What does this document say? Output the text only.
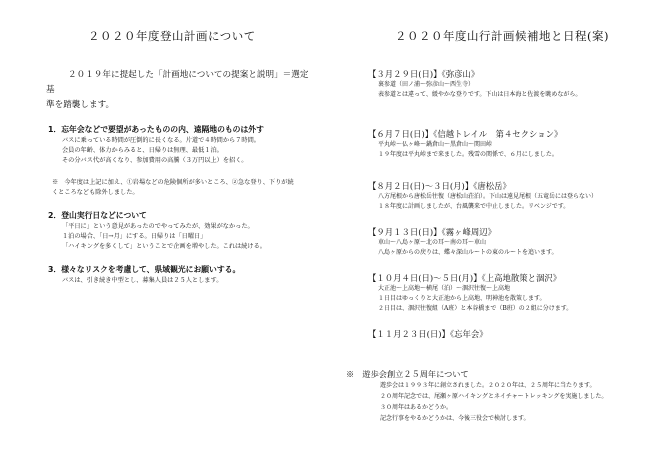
２０２０年度登山計画について
２０１９年に提起した「計画地についての提案と説明」＝選定基
準を踏襲します。
1．忘年会などで要望があったものの内、遠隔地のものは外す
バスに乗っている時間が圧倒的に長くなる。片道で４時間から７時間。
会員の年齢、体力からみると、日帰りは無理、最低１泊。
その分バス代が高くなり、参加費用の高騰（３万円以上）を招く。
※　今年度は上記に加え、①岩場などの危険個所が多いところ、②急な登り、下りが続
くところなども除外しました。
2．登山実行日などについて
「平日に」という意見があったのでやってみたが、効果がなかった。
１泊の場合、「日→月」にする。日帰りは「日曜日」
「ハイキングを多くして」ということで企画を増やした。これは続ける。
3．様々なリスクを考慮して、県域観光にお願いする。
バスは、引き続き中型とし、募集人員は２５人とします。
２０２０年度山行計画候補地と日程(案)
【３月２９日(日)】《弥彦山》
裏参道（田ノ浦〜弥彦山〜西生寺）
表参道とは違って、緩やかな登りです。下山は日本海と佐渡を眺めながら。
【６月７日(日)】《信越トレイル　第４セクション》
平丸峠〜仏ヶ峰〜鍋倉山〜黒倉山〜関田峠
１９年度は平丸峠まで来ました。残雪の関係で、６月にしました。
【８月２日(日)〜３日(月)】《唐松岳》
八方尾根から唐松岳往復（唐松山荘泊）。下山は遠見尾根（五竜岳には登らない）
１８年度に計画しましたが、台風襲来で中止しました。リベンジです。
【９月１３日(日)】《霧ヶ峰周辺》
車山〜八島ヶ原〜北の耳〜南の耳〜車山
八島ヶ原からの戻りは、蝶々深山ルートの東のルートを追います。
【１０月４日(日)〜５日(月)】《上高地散策と涸沢》
大正池〜上高地〜横尾（泊）〜涸沢往復〜上高地
１日目はゆっくりと大正池から上高地、明神池を散策します。
２日目は、涸沢往復組（A班）と本谷橋まで（B班）の２組に分けます。
【１１月２３日(日)】《忘年会》
※　遊歩会創立２５周年について
遊歩会は１９９３年に創立されました。２０２０年は、２５周年に当たります。
２０周年記念では、尾瀬ヶ原ハイキングとネイチャートレッキングを実施しました。
３０周年はあるかどうか。
記念行事をやるかどうかは、今後三役会で検討します。
